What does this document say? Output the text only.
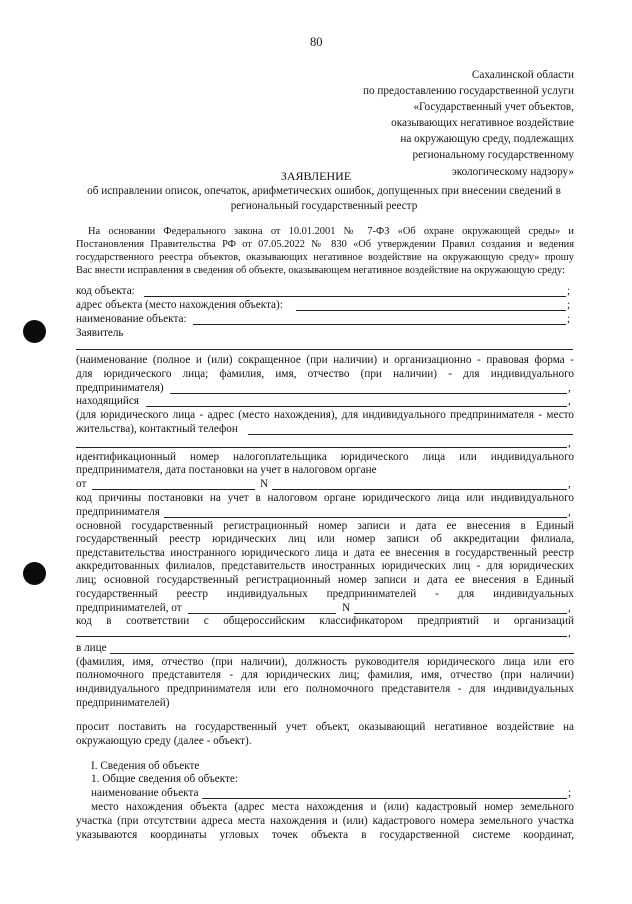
80
Сахалинской области
по предоставлению государственной услуги
«Государственный учет объектов,
оказывающих негативное воздействие
на окружающую среду, подлежащих
региональному государственному
экологическому надзору»
ЗАЯВЛЕНИЕ
об исправлении описок, опечаток, арифметических ошибок, допущенных при внесении сведений в
региональный государственный реестр
На основании Федерального закона от 10.01.2001 № 7-ФЗ «Об охране окружающей среды» и
Постановления Правительства РФ от 07.05.2022 № 830 «Об утверждении Правил создания и ведения
государственного реестра объектов, оказывающих негативное воздействие на окружающую среду» прошу
Вас внести исправления в сведения об объекте, оказывающем негативное воздействие на окружающую среду:
код объекта:	;
адрес объекта (место нахождения объекта):	;
наименование объекта:	;
Заявитель
(наименование (полное и (или) сокращенное (при наличии) и организационно - правовая форма -
для юридического лица; фамилия, имя, отчество (при наличии) - для индивидуального
предпринимателя)	,
находящийся	,
(для юридического лица - адрес (место нахождения), для индивидуального предпринимателя - место
жительства), контактный телефон
,
идентификационный номер налогоплательщика юридического лица или индивидуального
предпринимателя, дата постановки на учет в налоговом органе
от	N	,
код причины постановки на учет в налоговом органе юридического лица или индивидуального
предпринимателя	,
основной государственный регистрационный номер записи и дата ее внесения в Единый
государственный реестр юридических лиц или номер записи об аккредитации филиала,
представительства иностранного юридического лица и дата ее внесения в государственный реестр
аккредитованных филиалов, представительств иностранных юридических лиц - для юридических
лиц; основной государственный регистрационный номер записи и дата ее внесения в Единый
государственный реестр индивидуальных предпринимателей - для индивидуальных
предпринимателей, от	N	,
код в соответствии с общероссийским классификатором предприятий и организаций
,
в лице
(фамилия, имя, отчество (при наличии), должность руководителя юридического лица или его
полномочного представителя - для юридических лиц; фамилия, имя, отчество (при наличии)
индивидуального предпринимателя или его полномочного представителя - для индивидуальных
предпринимателей)
просит поставить на государственный учет объект, оказывающий негативное воздействие на
окружающую среду (далее - объект).
I. Сведения об объекте
1. Общие сведения об объекте:
наименование объекта	;
место нахождения объекта (адрес места нахождения и (или) кадастровый номер земельного
участка (при отсутствии адреса места нахождения и (или) кадастрового номера земельного участка
указываются координаты угловых точек объекта в государственной системе координат,
